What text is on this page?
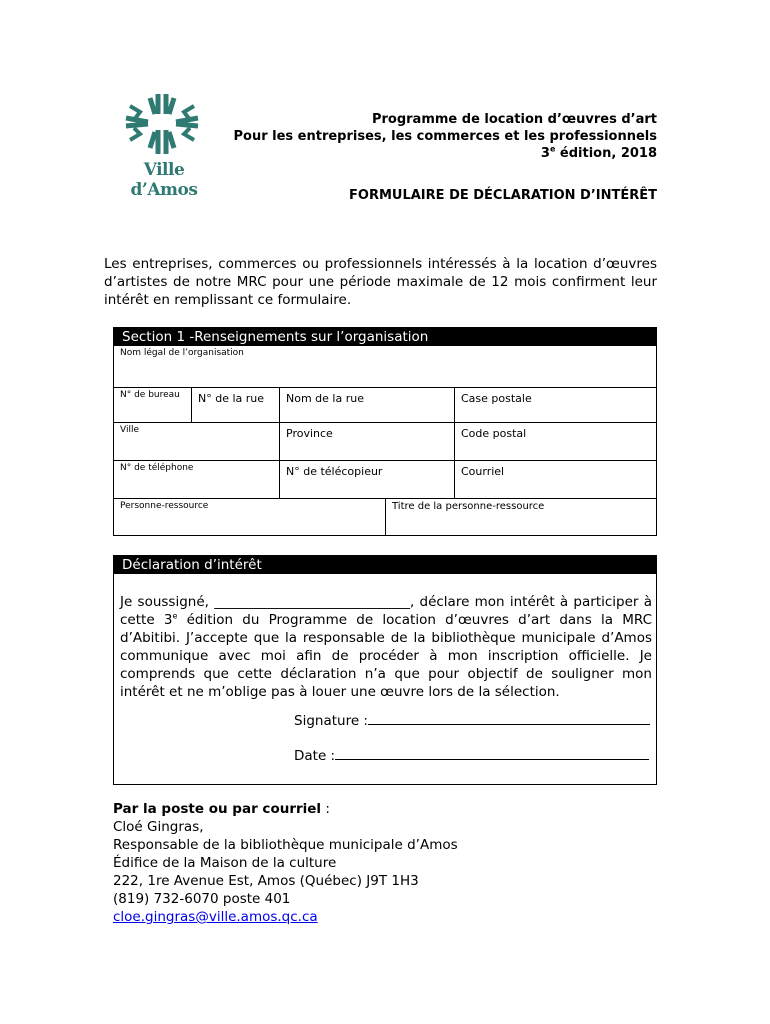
Ville d’Amos
Programme de location d’œuvres d’art
Pour les entreprises, les commerces et les professionnels
3e édition, 2018
FORMULAIRE DE DÉCLARATION D’INTÉRÊT
Les entreprises, commerces ou professionnels intéressés à la location d’œuvres d’artistes de notre MRC pour une période maximale de 12 mois confirment leur intérêt en remplissant ce formulaire.
Section 1 -Renseignements sur l’organisation
Nom légal de l’organisation
N° de bureau	N° de la rue	Nom de la rue	Case postale
Ville	Province	Code postal
N° de téléphone	N° de télécopieur	Courriel
Personne-ressource	Titre de la personne-ressource
Déclaration d’intérêt
Je soussigné, _____________________________, déclare mon intérêt à participer à cette 3e édition du Programme de location d’œuvres d’art dans la MRC d’Abitibi. J’accepte que la responsable de la bibliothèque municipale d’Amos communique avec moi afin de procéder à mon inscription officielle. Je comprends que cette déclaration n’a que pour objectif de souligner mon intérêt et ne m’oblige pas à louer une œuvre lors de la sélection.
Signature :
Date :
Par la poste ou par courriel :
Cloé Gingras,
Responsable de la bibliothèque municipale d’Amos
Édifice de la Maison de la culture
222, 1re Avenue Est, Amos (Québec) J9T 1H3
(819) 732-6070 poste 401
cloe.gingras@ville.amos.qc.ca
